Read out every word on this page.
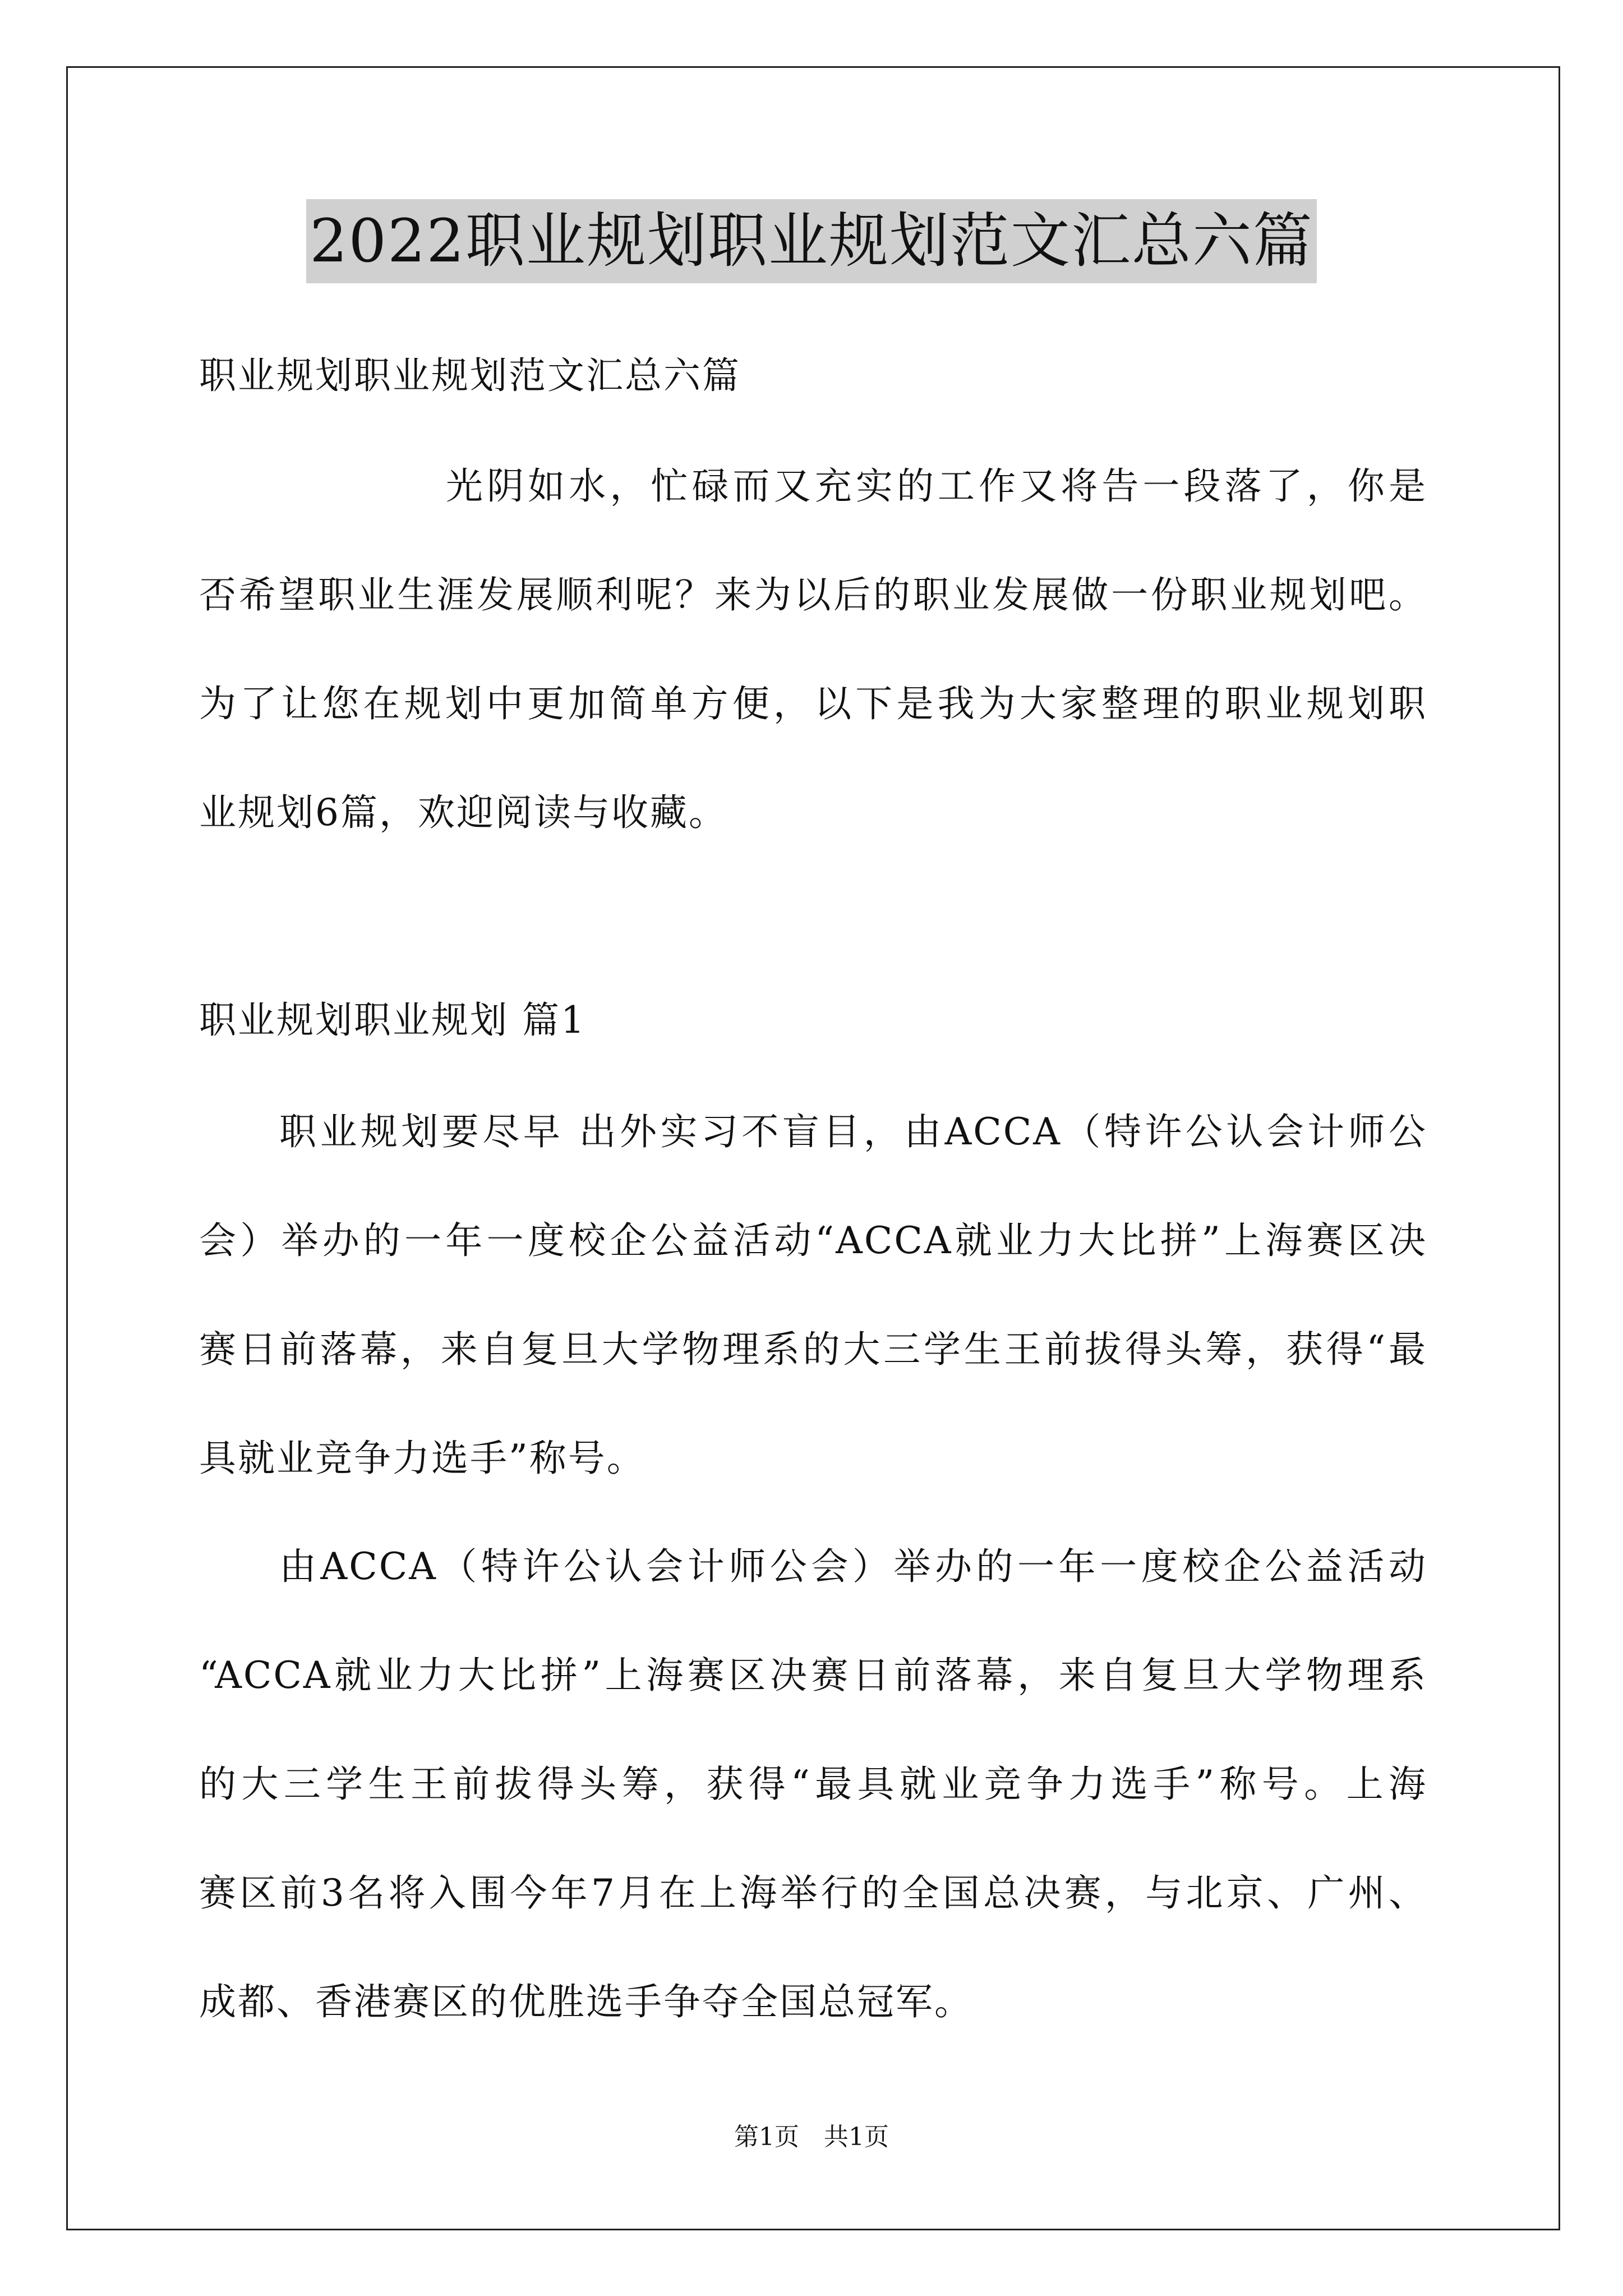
2022职业规划职业规划范文汇总六篇

职业规划职业规划范文汇总六篇

光阴如水，忙碌而又充实的工作又将告一段落了，你是

否希望职业生涯发展顺利呢？来为以后的职业发展做一份职业规划吧。

为了让您在规划中更加简单方便，以下是我为大家整理的职业规划职

业规划6篇，欢迎阅读与收藏。

职业规划职业规划 篇1

职业规划要尽早 出外实习不盲目，由ACCA（特许公认会计师公

会）举办的一年一度校企公益活动“ACCA就业力大比拼”上海赛区决

赛日前落幕，来自复旦大学物理系的大三学生王前拔得头筹，获得“最

具就业竞争力选手”称号。

由ACCA（特许公认会计师公会）举办的一年一度校企公益活动

“ACCA就业力大比拼”上海赛区决赛日前落幕，来自复旦大学物理系

的大三学生王前拔得头筹，获得“最具就业竞争力选手”称号。上海

赛区前3名将入围今年7月在上海举行的全国总决赛，与北京、广州、

成都、香港赛区的优胜选手争夺全国总冠军。

第1页　共1页
